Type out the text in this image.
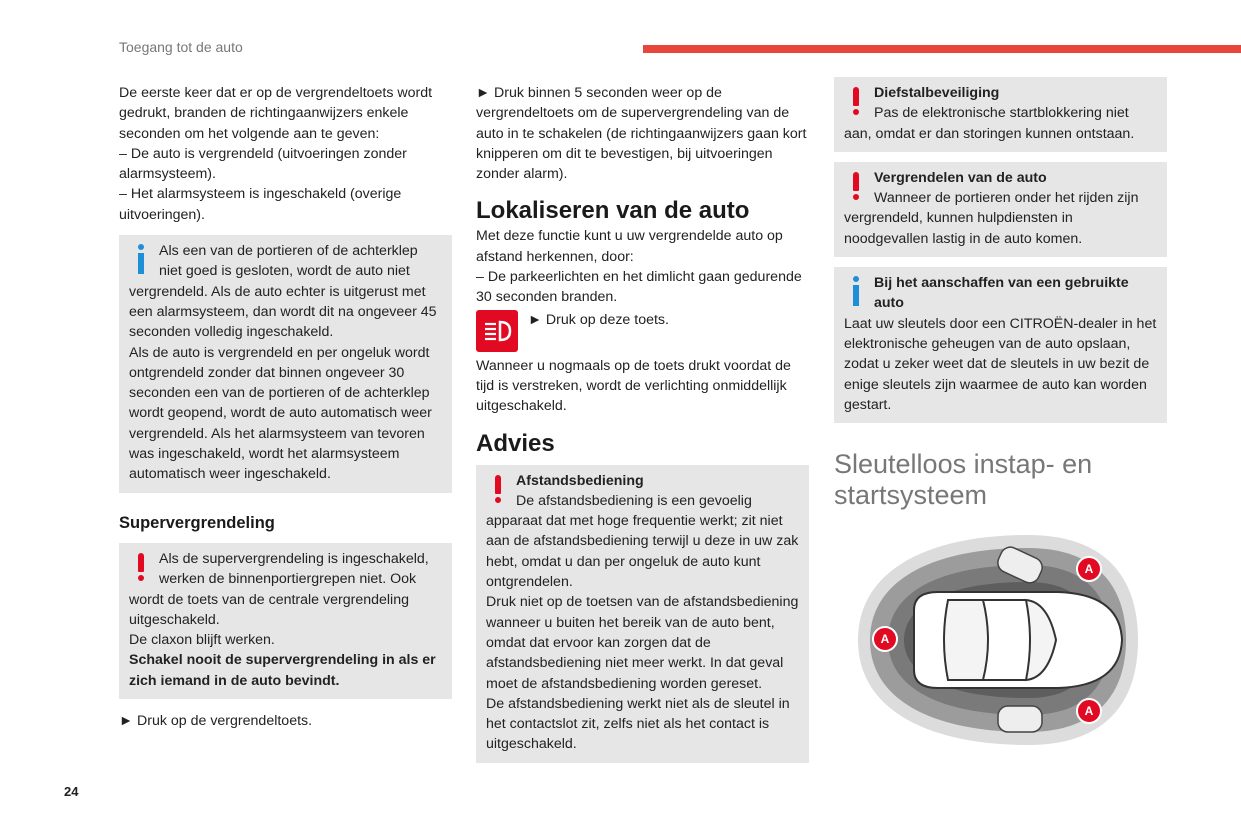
Toegang tot de auto

De eerste keer dat er op de vergrendeltoets wordt gedrukt, branden de richtingaanwijzers enkele seconden om het volgende aan te geven:

– De auto is vergrendeld (uitvoeringen zonder alarmsysteem).

– Het alarmsysteem is ingeschakeld (overige uitvoeringen).

Als een van de portieren of de achterklep niet goed is gesloten, wordt de auto niet vergrendeld. Als de auto echter is uitgerust met een alarmsysteem, dan wordt dit na ongeveer 45 seconden volledig ingeschakeld.

Als de auto is vergrendeld en per ongeluk wordt ontgrendeld zonder dat binnen ongeveer 30 seconden een van de portieren of de achterklep wordt geopend, wordt de auto automatisch weer vergrendeld. Als het alarmsysteem van tevoren was ingeschakeld, wordt het alarmsysteem automatisch weer ingeschakeld.

Supervergrendeling

Als de supervergrendeling is ingeschakeld, werken de binnenportiergrepen niet. Ook wordt de toets van de centrale vergrendeling uitgeschakeld.

De claxon blijft werken.

Schakel nooit de supervergrendeling in als er zich iemand in de auto bevindt.

► Druk op de vergrendeltoets.

► Druk binnen 5 seconden weer op de vergrendeltoets om de supervergrendeling van de auto in te schakelen (de richtingaanwijzers gaan kort knipperen om dit te bevestigen, bij uitvoeringen zonder alarm).

Lokaliseren van de auto

Met deze functie kunt u uw vergrendelde auto op afstand herkennen, door:

– De parkeerlichten en het dimlicht gaan gedurende 30 seconden branden.

► Druk op deze toets.

Wanneer u nogmaals op de toets drukt voordat de tijd is verstreken, wordt de verlichting onmiddellijk uitgeschakeld.

Advies

Afstandsbediening

De afstandsbediening is een gevoelig apparaat dat met hoge frequentie werkt; zit niet aan de afstandsbediening terwijl u deze in uw zak hebt, omdat u dan per ongeluk de auto kunt ontgrendelen.

Druk niet op de toetsen van de afstandsbediening wanneer u buiten het bereik van de auto bent, omdat dat ervoor kan zorgen dat de afstandsbediening niet meer werkt. In dat geval moet de afstandsbediening worden gereset.

De afstandsbediening werkt niet als de sleutel in het contactslot zit, zelfs niet als het contact is uitgeschakeld.

Diefstalbeveiliging

Pas de elektronische startblokkering niet aan, omdat er dan storingen kunnen ontstaan.

Vergrendelen van de auto

Wanneer de portieren onder het rijden zijn vergrendeld, kunnen hulpdiensten in noodgevallen lastig in de auto komen.

Bij het aanschaffen van een gebruikte auto

Laat uw sleutels door een CITROËN-dealer in het elektronische geheugen van de auto opslaan, zodat u zeker weet dat de sleutels in uw bezit de enige sleutels zijn waarmee de auto kan worden gestart.

Sleutelloos instap- en startsysteem
A
A
A
24
